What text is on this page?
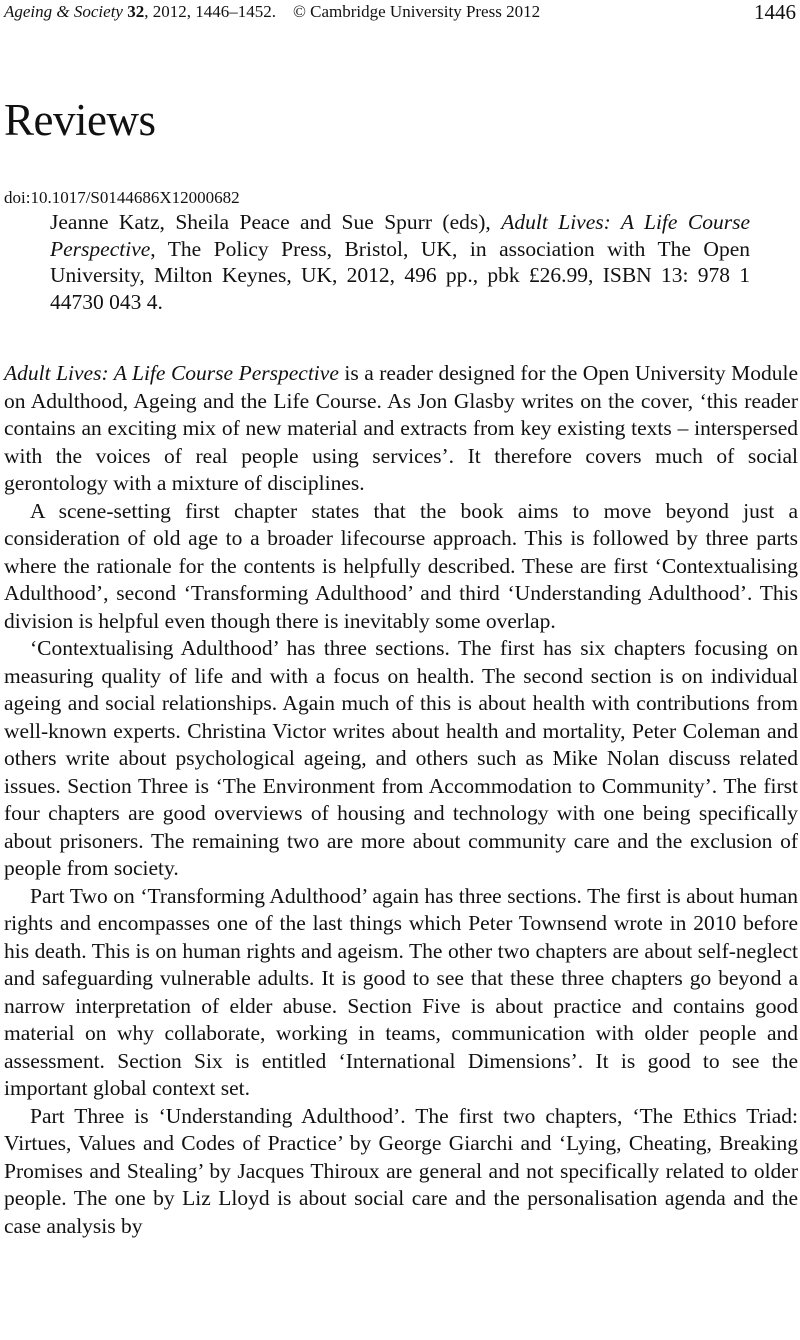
Ageing & Society 32, 2012, 1446–1452. © Cambridge University Press 2012	1446
Reviews
doi:10.1017/S0144686X12000682

Jeanne Katz, Sheila Peace and Sue Spurr (eds), Adult Lives: A Life Course Perspective, The Policy Press, Bristol, UK, in association with The Open University, Milton Keynes, UK, 2012, 496 pp., pbk £26.99, ISBN 13: 978 1 44730 043 4.

Adult Lives: A Life Course Perspective is a reader designed for the Open University Module on Adulthood, Ageing and the Life Course. As Jon Glasby writes on the cover, ‘this reader contains an exciting mix of new material and extracts from key existing texts – interspersed with the voices of real people using services’. It therefore covers much of social gerontology with a mixture of disciplines.

A scene-setting first chapter states that the book aims to move beyond just a consideration of old age to a broader lifecourse approach. This is followed by three parts where the rationale for the contents is helpfully described. These are first ‘Contextualising Adulthood’, second ‘Transforming Adulthood’ and third ‘Understanding Adulthood’. This division is helpful even though there is inevitably some overlap.

‘Contextualising Adulthood’ has three sections. The first has six chapters focusing on measuring quality of life and with a focus on health. The second section is on individual ageing and social relationships. Again much of this is about health with contributions from well-known experts. Christina Victor writes about health and mortality, Peter Coleman and others write about psychological ageing, and others such as Mike Nolan discuss related issues. Section Three is ‘The Environment from Accommodation to Community’. The first four chapters are good overviews of housing and technology with one being specifically about prisoners. The remaining two are more about community care and the exclusion of people from society.

Part Two on ‘Transforming Adulthood’ again has three sections. The first is about human rights and encompasses one of the last things which Peter Townsend wrote in 2010 before his death. This is on human rights and ageism. The other two chapters are about self-neglect and safeguarding vulnerable adults. It is good to see that these three chapters go beyond a narrow interpretation of elder abuse. Section Five is about practice and contains good material on why collaborate, working in teams, communication with older people and assessment. Section Six is entitled ‘International Dimensions’. It is good to see the important global context set.

Part Three is ‘Understanding Adulthood’. The first two chapters, ‘The Ethics Triad: Virtues, Values and Codes of Practice’ by George Giarchi and ‘Lying, Cheating, Breaking Promises and Stealing’ by Jacques Thiroux are general and not specifically related to older people. The one by Liz Lloyd is about social care and the personalisation agenda and the case analysis by
